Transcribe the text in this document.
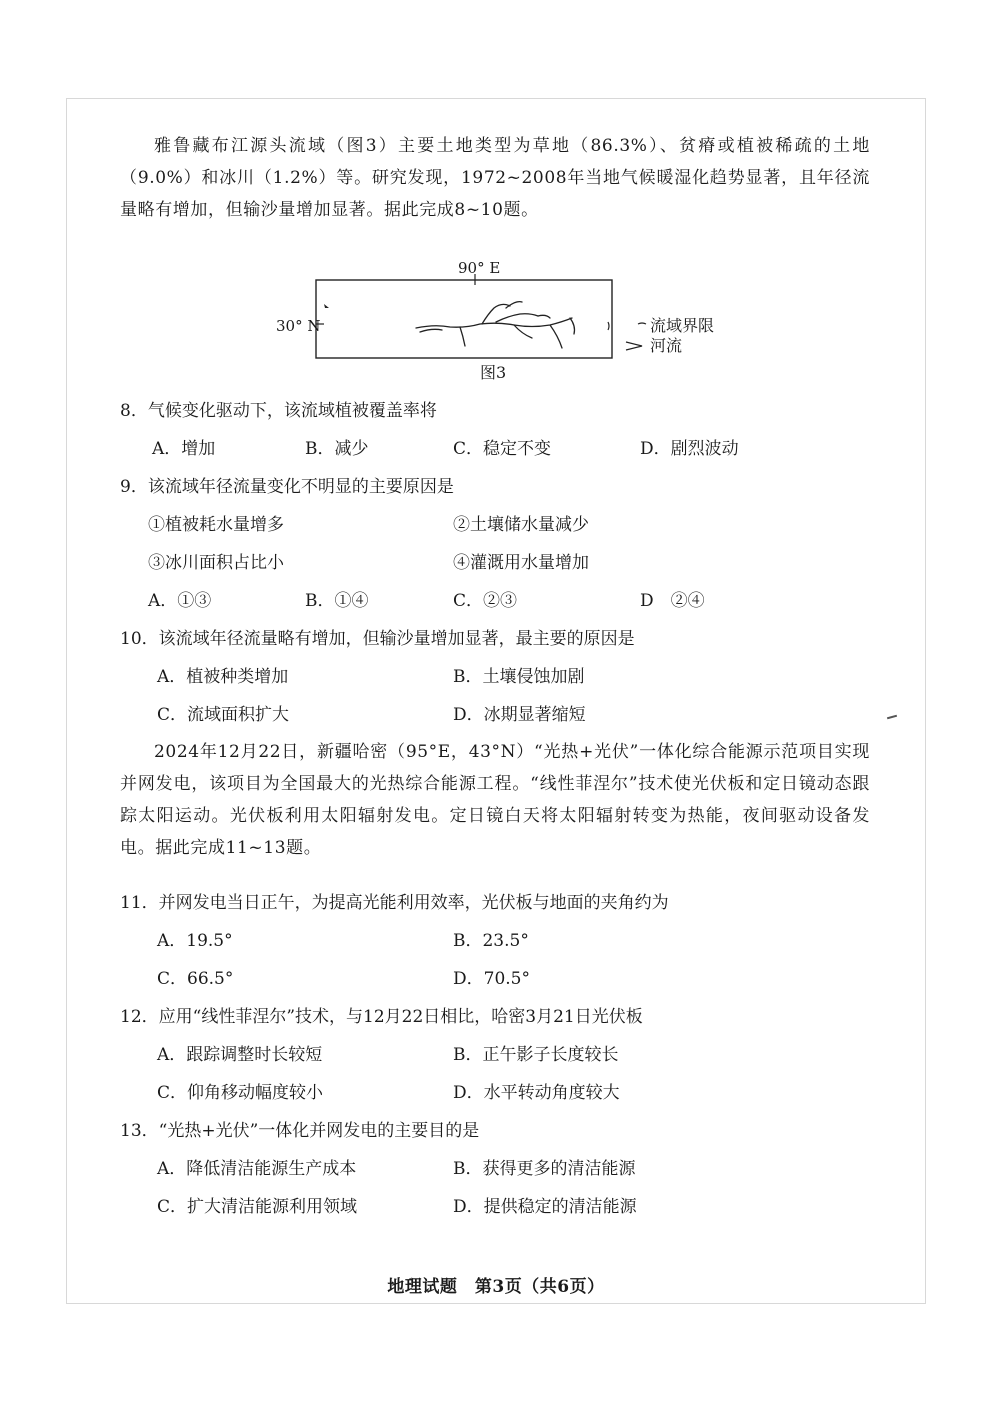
雅鲁藏布江源头流域（图3）主要土地类型为草地（86.3%）、贫瘠或植被稀疏的土地（9.0%）和冰川（1.2%）等。研究发现，1972~2008年当地气候暖湿化趋势显著，且年径流量略有增加，但输沙量增加显著。据此完成8~10题。

90° E
30° N	流域界限
河流
图3
8．气候变化驱动下，该流域植被覆盖率将
A．增加	B．减少	C．稳定不变	D．剧烈波动
9．该流域年径流量变化不明显的主要原因是
①植被耗水量增多	②土壤储水量减少
③冰川面积占比小	④灌溉用水量增加
A．①③	B．①④	C．②③	D　②④
10．该流域年径流量略有增加，但输沙量增加显著，最主要的原因是
A．植被种类增加	B．土壤侵蚀加剧
C．流域面积扩大	D．冰期显著缩短

2024年12月22日，新疆哈密（95°E，43°N）“光热+光伏”一体化综合能源示范项目实现并网发电，该项目为全国最大的光热综合能源工程。“线性菲涅尔”技术使光伏板和定日镜动态跟踪太阳运动。光伏板利用太阳辐射发电。定日镜白天将太阳辐射转变为热能，夜间驱动设备发电。据此完成11~13题。

11．并网发电当日正午，为提高光能利用效率，光伏板与地面的夹角约为
A．19.5°	B．23.5°
C．66.5°	D．70.5°
12．应用“线性菲涅尔”技术，与12月22日相比，哈密3月21日光伏板
A．跟踪调整时长较短	B．正午影子长度较长
C．仰角移动幅度较小	D．水平转动角度较大
13．“光热+光伏”一体化并网发电的主要目的是
A．降低清洁能源生产成本	B．获得更多的清洁能源
C．扩大清洁能源利用领域	D．提供稳定的清洁能源
地理试题　第3页（共6页）
